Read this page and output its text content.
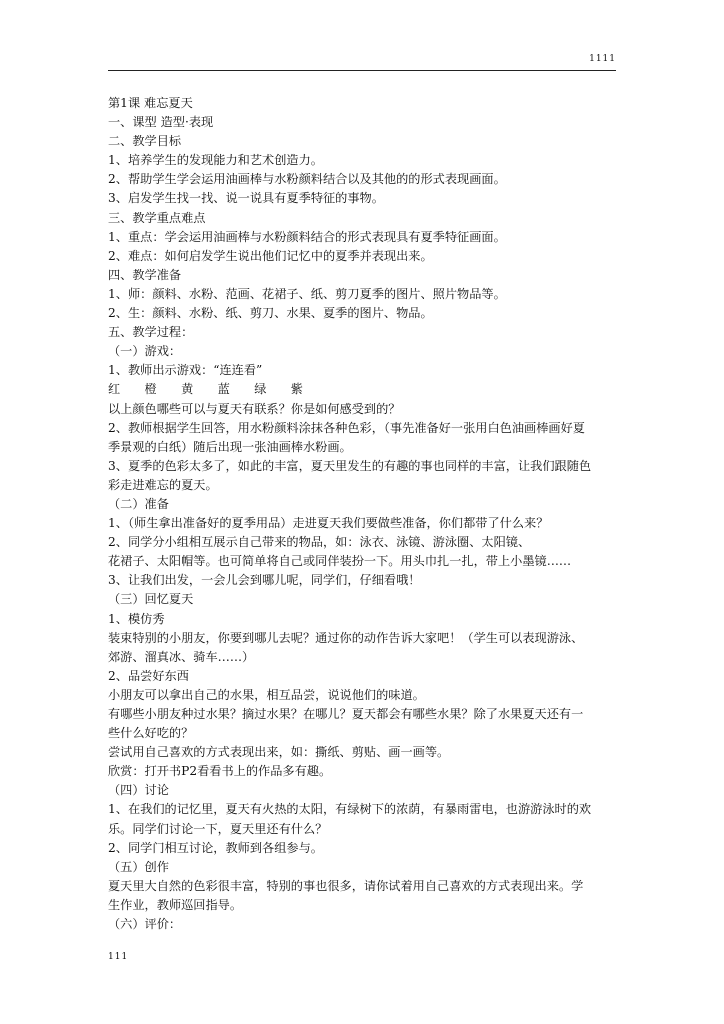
1111
第1课 难忘夏天
一、课型 造型·表现
二、教学目标
1、培养学生的发现能力和艺术创造力。
2、帮助学生学会运用油画棒与水粉颜料结合以及其他的的形式表现画面。
3、启发学生找一找、说一说具有夏季特征的事物。
三、教学重点难点
1、重点：学会运用油画棒与水粉颜料结合的形式表现具有夏季特征画面。
2、难点：如何启发学生说出他们记忆中的夏季并表现出来。
四、教学准备
1、师：颜料、水粉、范画、花裙子、纸、剪刀夏季的图片、照片物品等。
2、生：颜料、水粉、纸、剪刀、水果、夏季的图片、物品。
五、教学过程：
（一）游戏：
1、教师出示游戏：“连连看”
红　　橙　　黄　　蓝　　绿　　紫
以上颜色哪些可以与夏天有联系？你是如何感受到的？
2、教师根据学生回答，用水粉颜料涂抹各种色彩，（事先准备好一张用白色油画棒画好夏
季景观的白纸）随后出现一张油画棒水粉画。
3、夏季的色彩太多了，如此的丰富，夏天里发生的有趣的事也同样的丰富，让我们跟随色
彩走进难忘的夏天。
（二）准备
1、（师生拿出准备好的夏季用品）走进夏天我们要做些准备，你们都带了什么来？
2、同学分小组相互展示自己带来的物品，如：泳衣、泳镜、游泳圈、太阳镜、
花裙子、太阳帽等。也可简单将自己或同伴装扮一下。用头巾扎一扎，带上小墨镜……
3、让我们出发，一会儿会到哪儿呢，同学们，仔细看哦！
（三）回忆夏天
1、模仿秀
装束特别的小朋友，你要到哪儿去呢？通过你的动作告诉大家吧！（学生可以表现游泳、
郊游、溜真冰、骑车……）
2、品尝好东西
小朋友可以拿出自己的水果，相互品尝，说说他们的味道。
有哪些小朋友种过水果？摘过水果？在哪儿？夏天都会有哪些水果？除了水果夏天还有一
些什么好吃的？
尝试用自己喜欢的方式表现出来，如：撕纸、剪贴、画一画等。
欣赏：打开书P2看看书上的作品多有趣。
（四）讨论
1、在我们的记忆里，夏天有火热的太阳，有绿树下的浓荫，有暴雨雷电，也游游泳时的欢
乐。同学们讨论一下，夏天里还有什么？
2、同学门相互讨论，教师到各组参与。
（五）创作
夏天里大自然的色彩很丰富，特别的事也很多，请你试着用自己喜欢的方式表现出来。学
生作业，教师巡回指导。
（六）评价：
111
